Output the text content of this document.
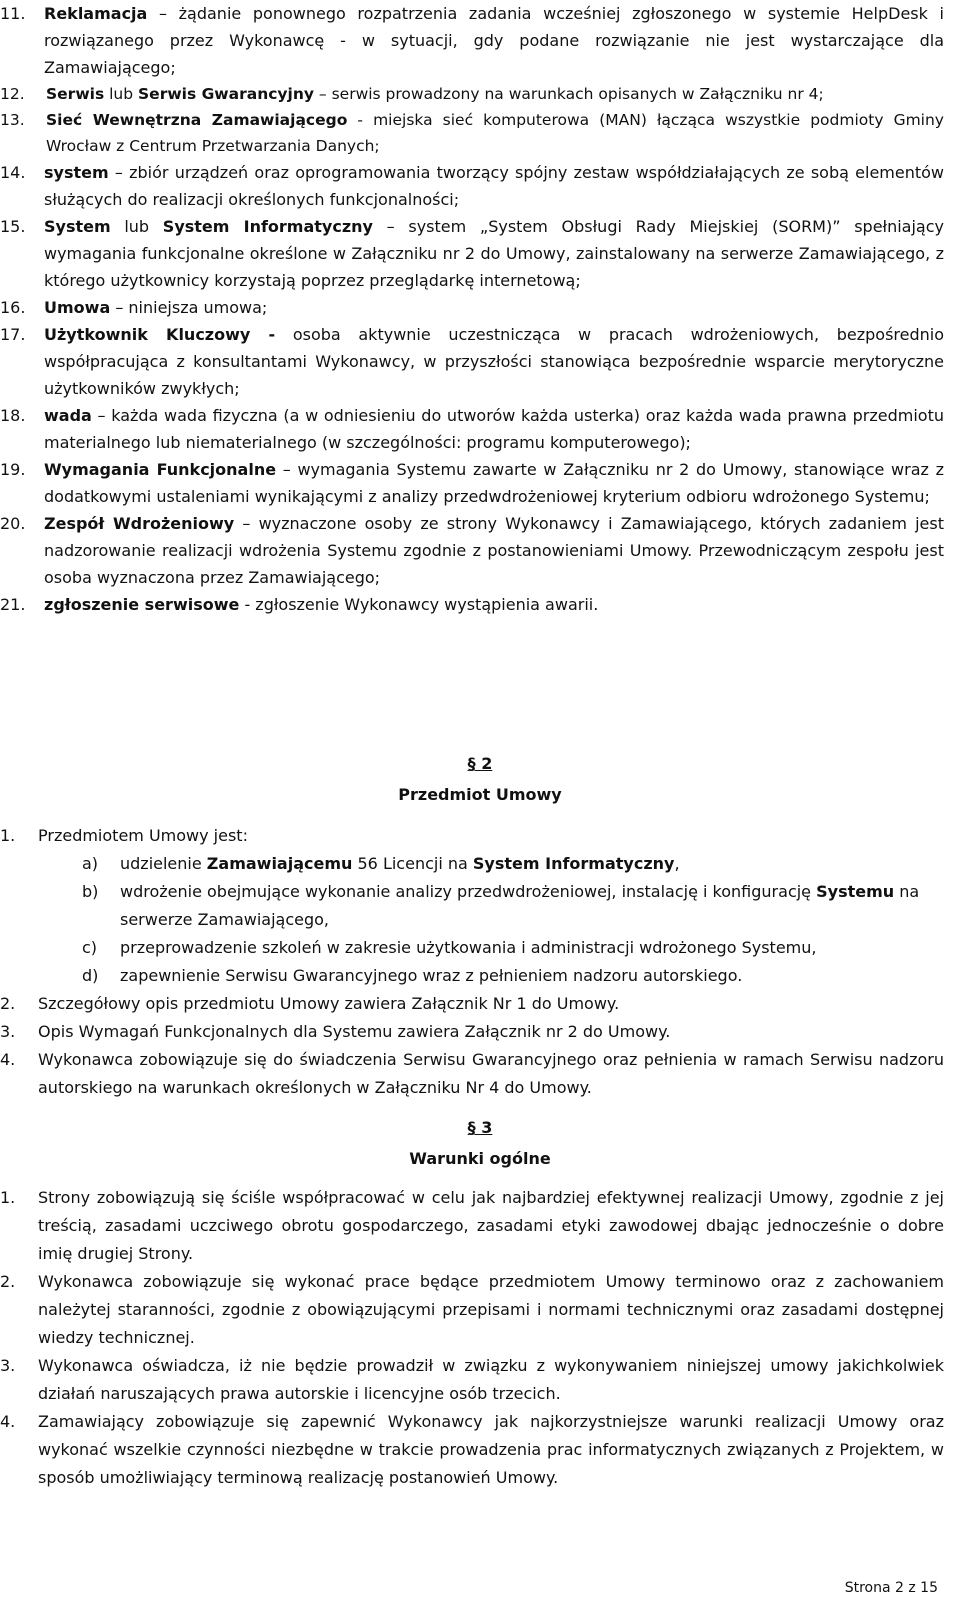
11. Reklamacja – żądanie ponownego rozpatrzenia zadania wcześniej zgłoszonego w systemie HelpDesk i rozwiązanego przez Wykonawcę - w sytuacji, gdy podane rozwiązanie nie jest wystarczające dla Zamawiającego;

12. Serwis lub Serwis Gwarancyjny – serwis prowadzony na warunkach opisanych w Załączniku nr 4;

13. Sieć Wewnętrzna Zamawiającego - miejska sieć komputerowa (MAN) łącząca wszystkie podmioty Gminy Wrocław z Centrum Przetwarzania Danych;

14. system – zbiór urządzeń oraz oprogramowania tworzący spójny zestaw współdziałających ze sobą elementów służących do realizacji określonych funkcjonalności;

15. System lub System Informatyczny – system „System Obsługi Rady Miejskiej (SORM)” spełniający wymagania funkcjonalne określone w Załączniku nr 2 do Umowy, zainstalowany na serwerze Zamawiającego, z którego użytkownicy korzystają poprzez przeglądarkę internetową;

16. Umowa – niniejsza umowa;

17. Użytkownik Kluczowy - osoba aktywnie uczestnicząca w pracach wdrożeniowych, bezpośrednio współpracująca z konsultantami Wykonawcy, w przyszłości stanowiąca bezpośrednie wsparcie merytoryczne użytkowników zwykłych;

18. wada – każda wada fizyczna (a w odniesieniu do utworów każda usterka) oraz każda wada prawna przedmiotu materialnego lub niematerialnego (w szczególności: programu komputerowego);

19. Wymagania Funkcjonalne – wymagania Systemu zawarte w Załączniku nr 2 do Umowy, stanowiące wraz z dodatkowymi ustaleniami wynikającymi z analizy przedwdrożeniowej kryterium odbioru wdrożonego Systemu;

20. Zespół Wdrożeniowy – wyznaczone osoby ze strony Wykonawcy i Zamawiającego, których zadaniem jest nadzorowanie realizacji wdrożenia Systemu zgodnie z postanowieniami Umowy. Przewodniczącym zespołu jest osoba wyznaczona przez Zamawiającego;

21. zgłoszenie serwisowe - zgłoszenie Wykonawcy wystąpienia awarii.

§ 2
Przedmiot Umowy

1. Przedmiotem Umowy jest:

a) udzielenie Zamawiającemu 56 Licencji na System Informatyczny,

b) wdrożenie obejmujące wykonanie analizy przedwdrożeniowej, instalację i konfigurację Systemu na serwerze Zamawiającego,

c) przeprowadzenie szkoleń w zakresie użytkowania i administracji wdrożonego Systemu,

d) zapewnienie Serwisu Gwarancyjnego wraz z pełnieniem nadzoru autorskiego.

2. Szczegółowy opis przedmiotu Umowy zawiera Załącznik Nr 1 do Umowy.

3. Opis Wymagań Funkcjonalnych dla Systemu zawiera Załącznik nr 2 do Umowy.

4. Wykonawca zobowiązuje się do świadczenia Serwisu Gwarancyjnego oraz pełnienia w ramach Serwisu nadzoru autorskiego na warunkach określonych w Załączniku Nr 4 do Umowy.

§ 3
Warunki ogólne

1. Strony zobowiązują się ściśle współpracować w celu jak najbardziej efektywnej realizacji Umowy, zgodnie z jej treścią, zasadami uczciwego obrotu gospodarczego, zasadami etyki zawodowej dbając jednocześnie o dobre imię drugiej Strony.

2. Wykonawca zobowiązuje się wykonać prace będące przedmiotem Umowy terminowo oraz z zachowaniem należytej staranności, zgodnie z obowiązującymi przepisami i normami technicznymi oraz zasadami dostępnej wiedzy technicznej.

3. Wykonawca oświadcza, iż nie będzie prowadził w związku z wykonywaniem niniejszej umowy jakichkolwiek działań naruszających prawa autorskie i licencyjne osób trzecich.

4. Zamawiający zobowiązuje się zapewnić Wykonawcy jak najkorzystniejsze warunki realizacji Umowy oraz wykonać wszelkie czynności niezbędne w trakcie prowadzenia prac informatycznych związanych z Projektem, w sposób umożliwiający terminową realizację postanowień Umowy.

Strona 2 z 15
